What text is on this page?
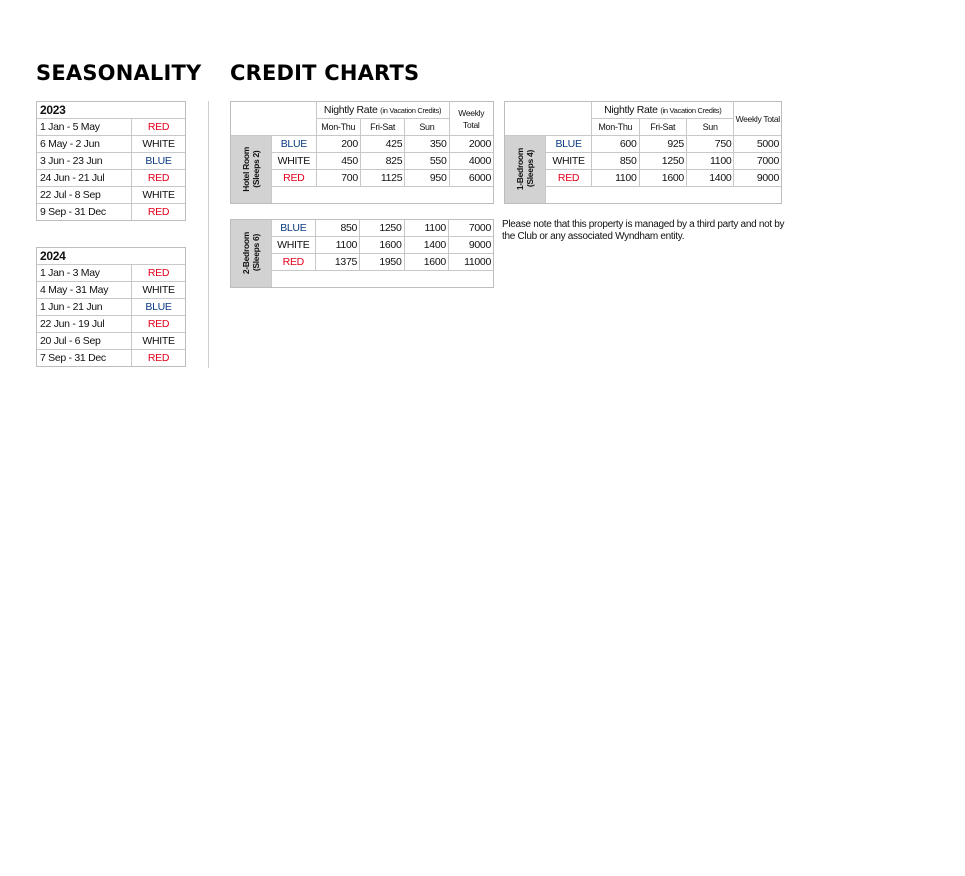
SEASONALITY CREDIT CHARTS
2023	
1 Jan - 5 May	RED
6 May - 2 Jun	WHITE
3 Jun - 23 Jun	BLUE
24 Jun - 21 Jul	RED
22 Jul - 8 Sep	WHITE
9 Sep - 31 Dec	RED
2024	
1 Jan - 3 May	RED
4 May - 31 May	WHITE
1 Jun - 21 Jun	BLUE
22 Jun - 19 Jul	RED
20 Jul - 6 Sep	WHITE
7 Sep - 31 Dec	RED
		Nightly Rate (in Vacation Credits)			Weekly Total
		Mon-Thu	Fri-Sat	Sun	

Hotel Room
(Sleeps 2)	BLUE	200	425	350	2000
	WHITE	450	825	550	4000
	RED	700	1125	950	6000

2-Bedroom
(Sleeps 6)	BLUE	850	1250	1100	7000
	WHITE	1100	1600	1400	9000
	RED	1375	1950	1600	11000

		Nightly Rate (in Vacation Credits)			Weekly Total
		Mon-Thu	Fri-Sat	Sun	

1-Bedroom
(Sleeps 4)	BLUE	600	925	750	5000
	WHITE	850	1250	1100	7000
	RED	1100	1600	1400	9000

Please note that this property is managed by a third party and not by the Club or any associated Wyndham entity.
